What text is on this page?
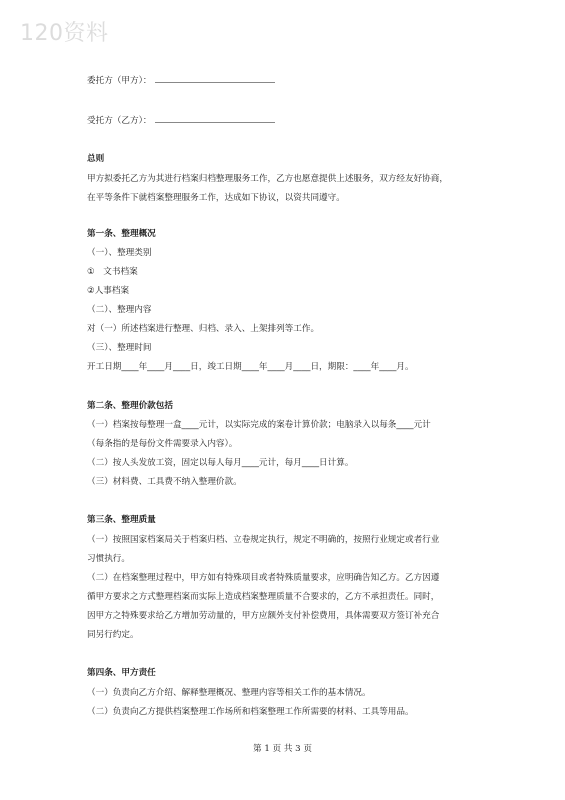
120资料
委托方（甲方）：
受托方（乙方）：
总则
甲方拟委托乙方为其进行档案归档整理服务工作，乙方也愿意提供上述服务，双方经友好协商，
在平等条件下就档案整理服务工作，达成如下协议，以资共同遵守。
第一条、整理概况
（一）、整理类别
①　文书档案
②人事档案
（二）、整理内容
对（一）所述档案进行整理、归档、录入、上架排列等工作。
（三）、整理时间
开工日期____年____月____日，竣工日期____年____月____日，期限：____年____月。
第二条、整理价款包括
（一）档案按每整理一盒____元计，以实际完成的案卷计算价款；电脑录入以每条____元计
（每条指的是每份文件需要录入内容）。
（二）按人头发放工资，固定以每人每月____元计，每月____日计算。
（三）材料费、工具费不纳入整理价款。
第三条、整理质量
（一）按照国家档案局关于档案归档、立卷规定执行，规定不明确的，按照行业规定或者行业
习惯执行。
（二）在档案整理过程中，甲方如有特殊项目或者特殊质量要求，应明确告知乙方。乙方因遵
循甲方要求之方式整理档案而实际上造成档案整理质量不合要求的，乙方不承担责任。同时，
因甲方之特殊要求给乙方增加劳动量的，甲方应额外支付补偿费用，具体需要双方签订补充合
同另行约定。
第四条、甲方责任
（一）负责向乙方介绍、解释整理概况、整理内容等相关工作的基本情况。
（二）负责向乙方提供档案整理工作场所和档案整理工作所需要的材料、工具等用品。
第 1 页 共 3 页
